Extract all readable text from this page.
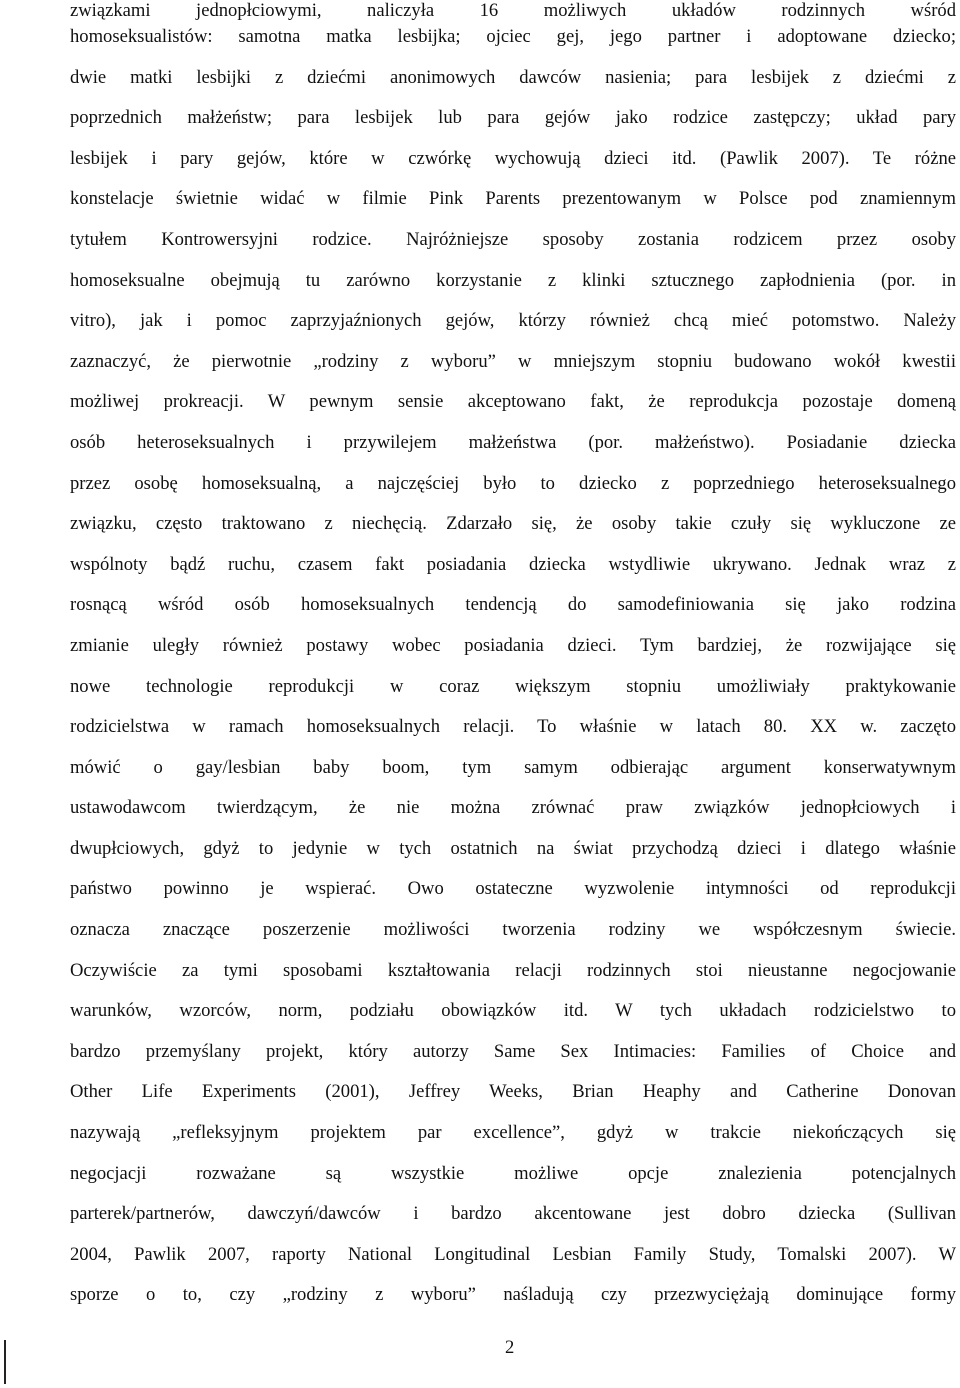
związkami jednopłciowymi, naliczyła 16 możliwych układów rodzinnych wśród
homoseksualistów: samotna matka lesbijka; ojciec gej, jego partner i adoptowane dziecko;
dwie matki lesbijki z dziećmi anonimowych dawców nasienia; para lesbijek z dziećmi z
poprzednich małżeństw; para lesbijek lub para gejów jako rodzice zastępczy; układ pary
lesbijek i pary gejów, które w czwórkę wychowują dzieci itd. (Pawlik 2007). Te różne
konstelacje świetnie widać w filmie Pink Parents prezentowanym w Polsce pod znamiennym
tytułem Kontrowersyjni rodzice. Najróżniejsze sposoby zostania rodzicem przez osoby
homoseksualne obejmują tu zarówno korzystanie z klinki sztucznego zapłodnienia (por. in
vitro), jak i pomoc zaprzyjaźnionych gejów, którzy również chcą mieć potomstwo. Należy
zaznaczyć, że pierwotnie „rodziny z wyboru” w mniejszym stopniu budowano wokół kwestii
możliwej prokreacji. W pewnym sensie akceptowano fakt, że reprodukcja pozostaje domeną
osób heteroseksualnych i przywilejem małżeństwa (por. małżeństwo). Posiadanie dziecka
przez osobę homoseksualną, a najczęściej było to dziecko z poprzedniego heteroseksualnego
związku, często traktowano z niechęcią. Zdarzało się, że osoby takie czuły się wykluczone ze
wspólnoty bądź ruchu, czasem fakt posiadania dziecka wstydliwie ukrywano. Jednak wraz z
rosnącą wśród osób homoseksualnych tendencją do samodefiniowania się jako rodzina
zmianie uległy również postawy wobec posiadania dzieci. Tym bardziej, że rozwijające się
nowe technologie reprodukcji w coraz większym stopniu umożliwiały praktykowanie
rodzicielstwa w ramach homoseksualnych relacji. To właśnie w latach 80. XX w. zaczęto
mówić o gay/lesbian baby boom, tym samym odbierając argument konserwatywnym
ustawodawcom twierdzącym, że nie można zrównać praw związków jednopłciowych i
dwupłciowych, gdyż to jedynie w tych ostatnich na świat przychodzą dzieci i dlatego właśnie
państwo powinno je wspierać. Owo ostateczne wyzwolenie intymności od reprodukcji
oznacza znaczące poszerzenie możliwości tworzenia rodziny we współczesnym świecie.
Oczywiście za tymi sposobami kształtowania relacji rodzinnych stoi nieustanne negocjowanie
warunków, wzorców, norm, podziału obowiązków itd. W tych układach rodzicielstwo to
bardzo przemyślany projekt, który autorzy Same Sex Intimacies: Families of Choice and
Other Life Experiments (2001), Jeffrey Weeks, Brian Heaphy and Catherine Donovan
nazywają „refleksyjnym projektem par excellence”, gdyż w trakcie niekończących się
negocjacji rozważane są wszystkie możliwe opcje znalezienia potencjalnych
parterek/partnerów, dawczyń/dawców i bardzo akcentowane jest dobro dziecka (Sullivan
2004, Pawlik 2007, raporty National Longitudinal Lesbian Family Study, Tomalski 2007). W
sporze o to, czy „rodziny z wyboru” naśladują czy przezwyciężają dominujące formy
2
